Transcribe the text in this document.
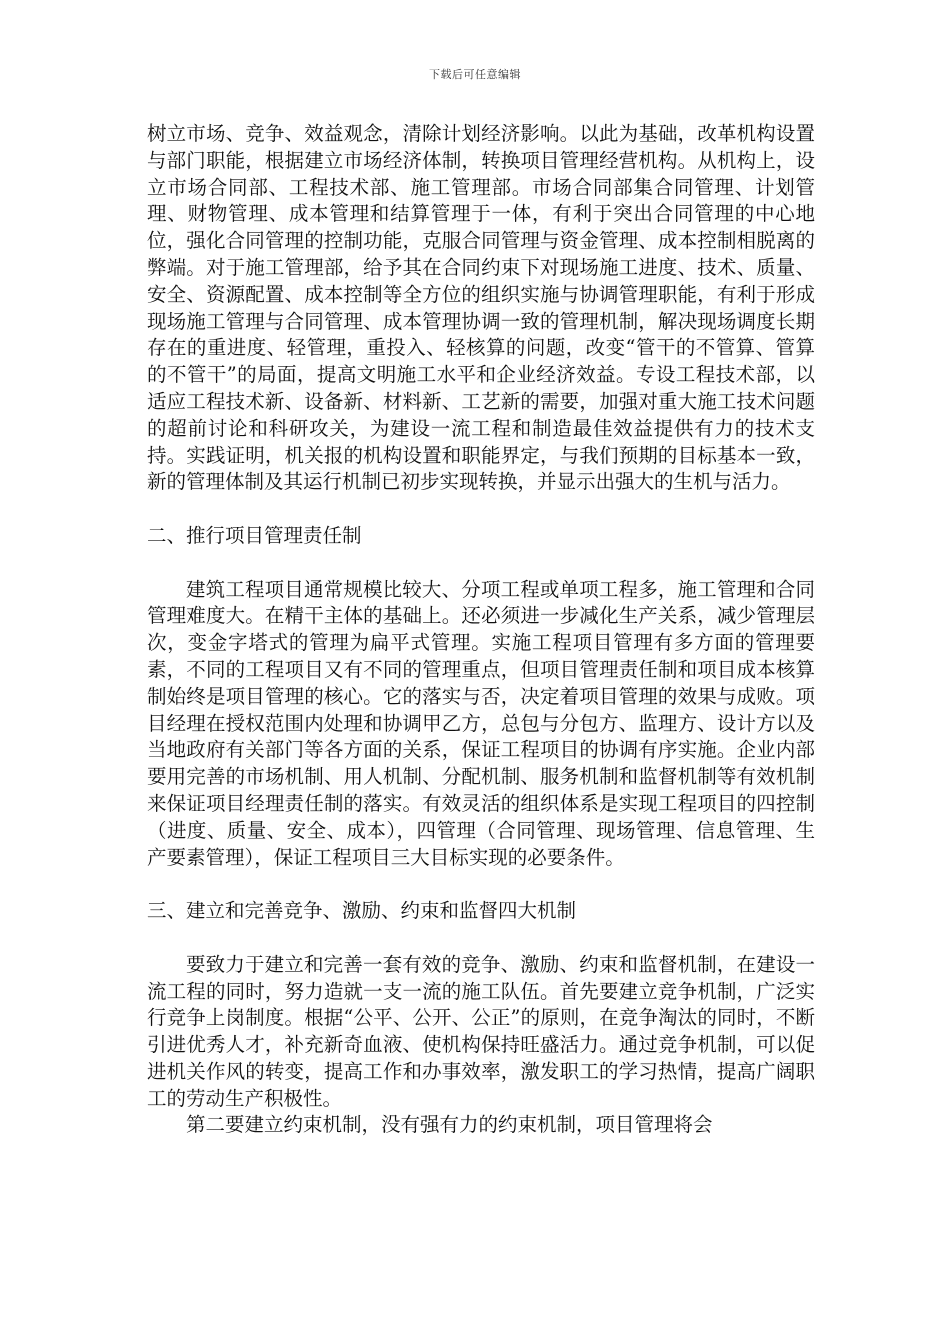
下载后可任意编辑

树立市场、竞争、效益观念，清除计划经济影响。以此为基础，改革机构设置与部门职能，根据建立市场经济体制，转换项目管理经营机构。从机构上，设立市场合同部、工程技术部、施工管理部。市场合同部集合同管理、计划管理、财物管理、成本管理和结算管理于一体，有利于突出合同管理的中心地位，强化合同管理的控制功能，克服合同管理与资金管理、成本控制相脱离的弊端。对于施工管理部，给予其在合同约束下对现场施工进度、技术、质量、安全、资源配置、成本控制等全方位的组织实施与协调管理职能，有利于形成现场施工管理与合同管理、成本管理协调一致的管理机制，解决现场调度长期存在的重进度、轻管理，重投入、轻核算的问题，改变“管干的不管算、管算的不管干”的局面，提高文明施工水平和企业经济效益。专设工程技术部，以适应工程技术新、设备新、材料新、工艺新的需要，加强对重大施工技术问题的超前讨论和科研攻关，为建设一流工程和制造最佳效益提供有力的技术支持。实践证明，机关报的机构设置和职能界定，与我们预期的目标基本一致，新的管理体制及其运行机制已初步实现转换，并显示出强大的生机与活力。

二、推行项目管理责任制

建筑工程项目通常规模比较大、分项工程或单项工程多，施工管理和合同管理难度大。在精干主体的基础上。还必须进一步减化生产关系，减少管理层次，变金字塔式的管理为扁平式管理。实施工程项目管理有多方面的管理要素，不同的工程项目又有不同的管理重点，但项目管理责任制和项目成本核算制始终是项目管理的核心。它的落实与否，决定着项目管理的效果与成败。项目经理在授权范围内处理和协调甲乙方，总包与分包方、监理方、设计方以及当地政府有关部门等各方面的关系，保证工程项目的协调有序实施。企业内部要用完善的市场机制、用人机制、分配机制、服务机制和监督机制等有效机制来保证项目经理责任制的落实。有效灵活的组织体系是实现工程项目的四控制（进度、质量、安全、成本），四管理（合同管理、现场管理、信息管理、生产要素管理），保证工程项目三大目标实现的必要条件。

三、建立和完善竞争、激励、约束和监督四大机制

要致力于建立和完善一套有效的竞争、激励、约束和监督机制，在建设一流工程的同时，努力造就一支一流的施工队伍。首先要建立竞争机制，广泛实行竞争上岗制度。根据“公平、公开、公正”的原则，在竞争淘汰的同时，不断引进优秀人才，补充新奇血液、使机构保持旺盛活力。通过竞争机制，可以促进机关作风的转变，提高工作和办事效率，激发职工的学习热情，提高广阔职工的劳动生产积极性。

第二要建立约束机制，没有强有力的约束机制，项目管理将会
